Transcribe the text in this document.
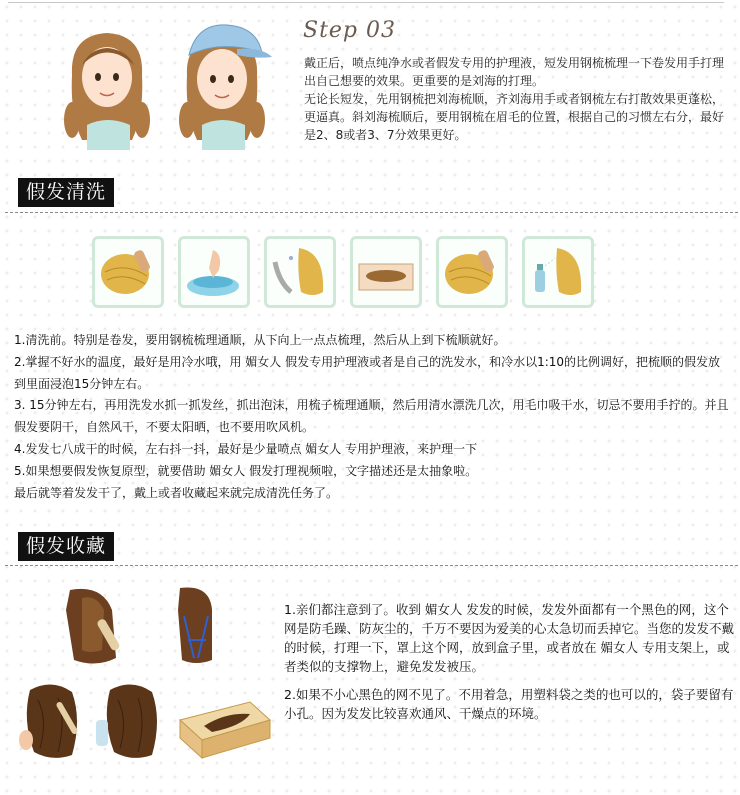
Step 03

戴正后，喷点纯净水或者假发专用的护理液，短发用钢梳梳理一下卷发用手打理出自己想要的效果。更重要的是刘海的打理。

无论长短发，先用钢梳把刘海梳顺，齐刘海用手或者钢梳左右打散效果更蓬松，更逼真。斜刘海梳顺后，要用钢梳在眉毛的位置，根据自己的习惯左右分，最好是2、8或者3、7分效果更好。

假发清洗

1.清洗前。特别是卷发，要用钢梳梳理通顺，从下向上一点点梳理，然后从上到下梳顺就好。

2.掌握不好水的温度，最好是用冷水哦，用 媚女人 假发专用护理液或者是自己的洗发水，和冷水以1:10的比例调好，把梳顺的假发放到里面浸泡15分钟左右。

3. 15分钟左右，再用洗发水抓一抓发丝，抓出泡沫，用梳子梳理通顺，然后用清水漂洗几次，用毛巾吸干水，切忌不要用手拧的。并且假发要阴干，自然风干，不要太阳晒，也不要用吹风机。

4.发发七八成干的时候，左右抖一抖，最好是少量喷点 媚女人 专用护理液，来护理一下

5.如果想要假发恢复原型，就要借助 媚女人 假发打理视频啦，文字描述还是太抽象啦。

最后就等着发发干了，戴上或者收藏起来就完成清洗任务了。

假发收藏

1.亲们都注意到了。收到 媚女人 发发的时候，发发外面都有一个黑色的网，这个网是防毛躁、防灰尘的，千万不要因为爱美的心太急切而丢掉它。当您的发发不戴的时候，打理一下，罩上这个网，放到盒子里，或者放在 媚女人 专用支架上，或者类似的支撑物上，避免发发被压。

2.如果不小心黑色的网不见了。不用着急，用塑料袋之类的也可以的，袋子要留有小孔。因为发发比较喜欢通风、干燥点的环境。
